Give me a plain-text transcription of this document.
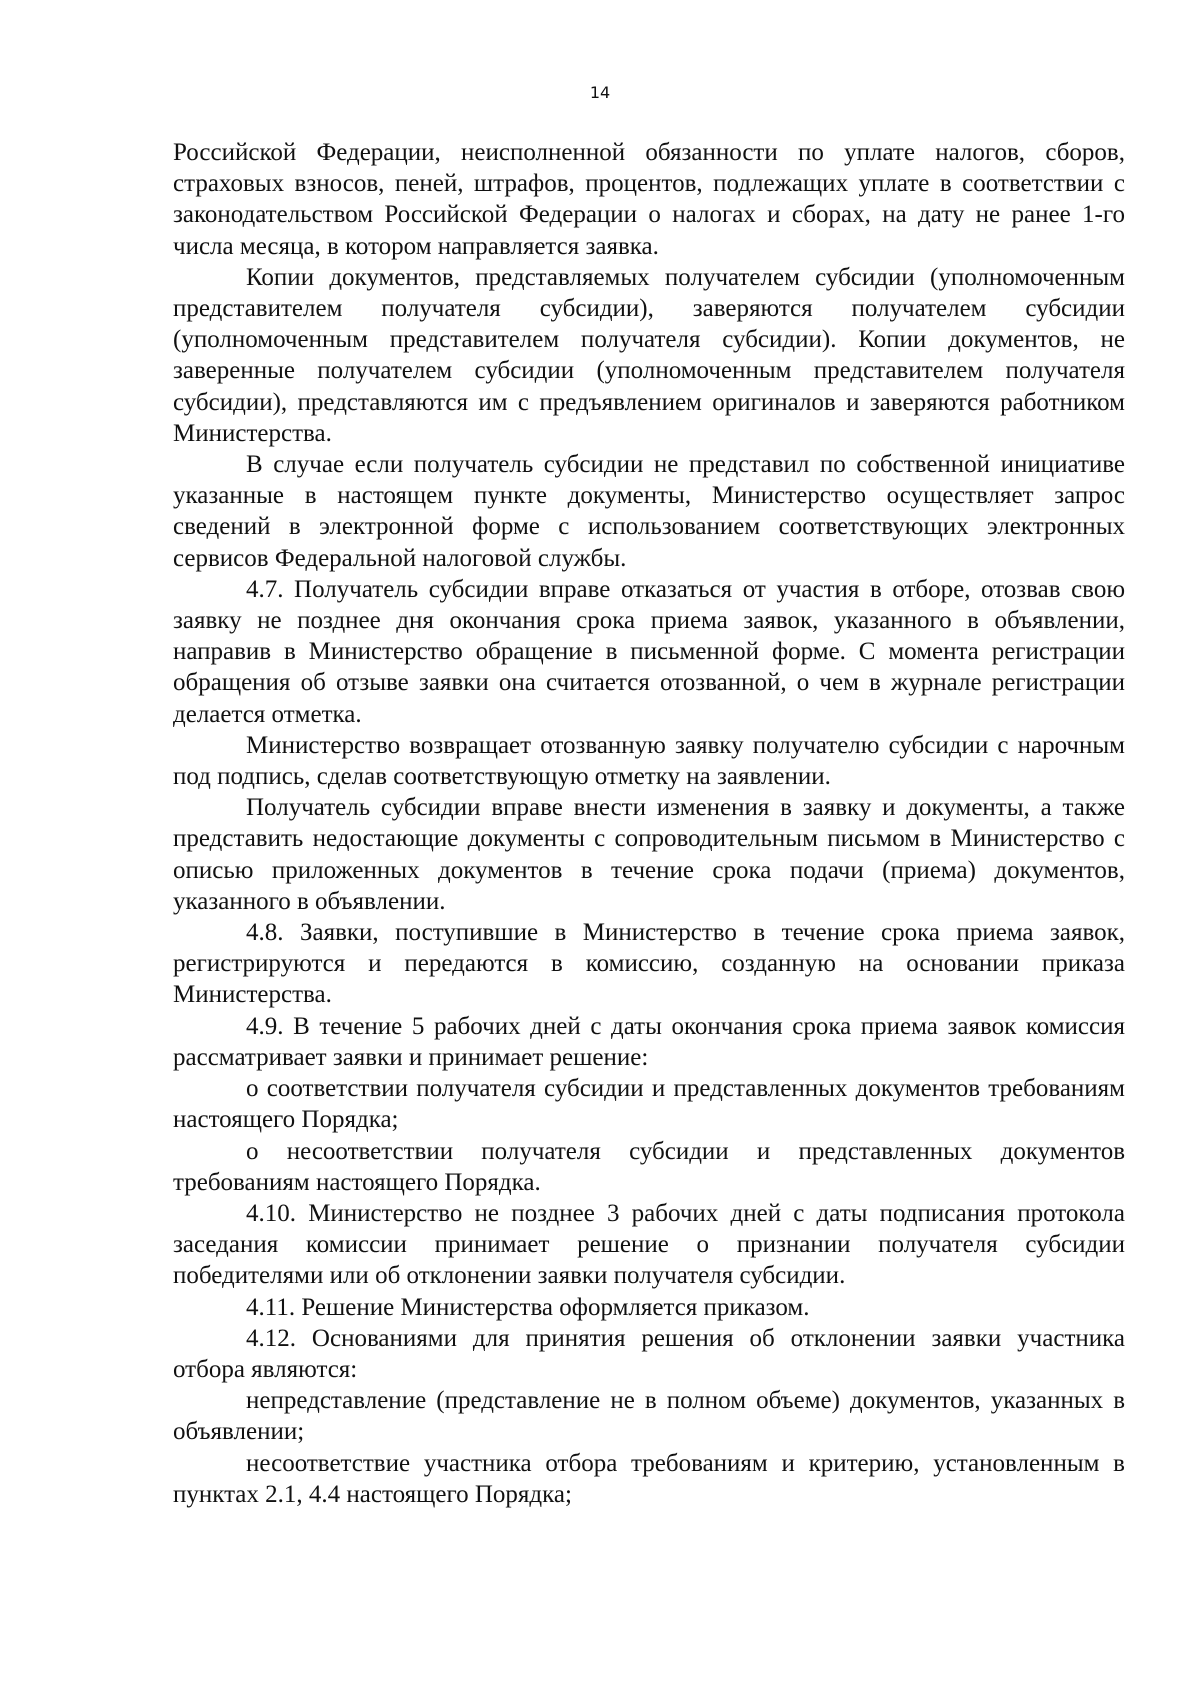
14

Российской Федерации, неисполненной обязанности по уплате налогов, сборов, страховых взносов, пеней, штрафов, процентов, подлежащих уплате в соответствии с законодательством Российской Федерации о налогах и сборах, на дату не ранее 1-го числа месяца, в котором направляется заявка.

Копии документов, представляемых получателем субсидии (уполномоченным представителем получателя субсидии), заверяются получателем субсидии (уполномоченным представителем получателя субсидии). Копии документов, не заверенные получателем субсидии (уполномоченным представителем получателя субсидии), представляются им с предъявлением оригиналов и заверяются работником Министерства.

В случае если получатель субсидии не представил по собственной инициативе указанные в настоящем пункте документы, Министерство осуществляет запрос сведений в электронной форме с использованием соответствующих электронных сервисов Федеральной налоговой службы.

4.7. Получатель субсидии вправе отказаться от участия в отборе, отозвав свою заявку не позднее дня окончания срока приема заявок, указанного в объявлении, направив в Министерство обращение в письменной форме. С момента регистрации обращения об отзыве заявки она считается отозванной, о чем в журнале регистрации делается отметка.

Министерство возвращает отозванную заявку получателю субсидии с нарочным под подпись, сделав соответствующую отметку на заявлении.

Получатель субсидии вправе внести изменения в заявку и документы, а также представить недостающие документы с сопроводительным письмом в Министерство с описью приложенных документов в течение срока подачи (приема) документов, указанного в объявлении.

4.8. Заявки, поступившие в Министерство в течение срока приема заявок, регистрируются и передаются в комиссию, созданную на основании приказа Министерства.

4.9. В течение 5 рабочих дней с даты окончания срока приема заявок комиссия рассматривает заявки и принимает решение:

о соответствии получателя субсидии и представленных документов требованиям настоящего Порядка;

о несоответствии получателя субсидии и представленных документов требованиям настоящего Порядка.

4.10. Министерство не позднее 3 рабочих дней с даты подписания протокола заседания комиссии принимает решение о признании получателя субсидии победителями или об отклонении заявки получателя субсидии.

4.11. Решение Министерства оформляется приказом.

4.12. Основаниями для принятия решения об отклонении заявки участника отбора являются:

непредставление (представление не в полном объеме) документов, указанных в объявлении;

несоответствие участника отбора требованиям и критерию, установленным в пунктах 2.1, 4.4 настоящего Порядка;
